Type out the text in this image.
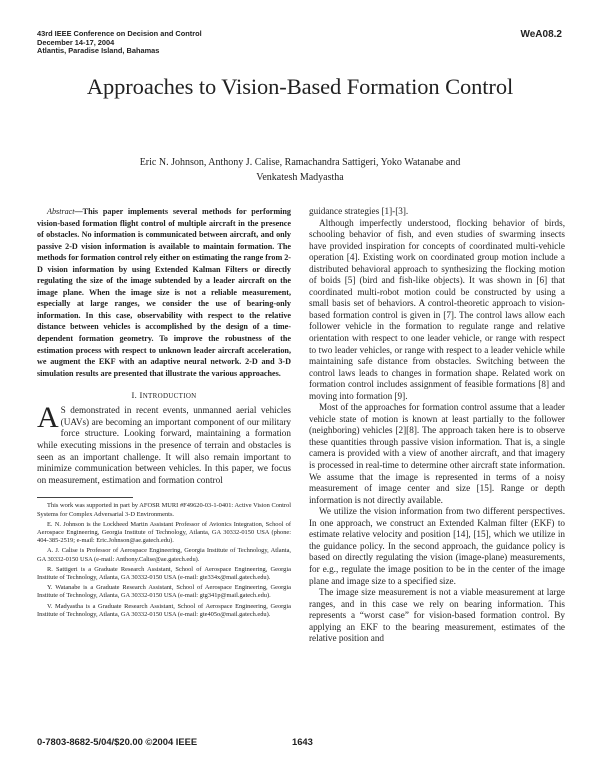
43rd IEEE Conference on Decision and Control
December 14-17, 2004
Atlantis, Paradise Island, Bahamas
WeA08.2
Approaches to Vision-Based Formation Control
Eric N. Johnson, Anthony J. Calise, Ramachandra Sattigeri, Yoko Watanabe and
Venkatesh Madyastha

Abstract—This paper implements several methods for performing vision-based formation flight control of multiple aircraft in the presence of obstacles. No information is communicated between aircraft, and only passive 2-D vision information is available to maintain formation. The methods for formation control rely either on estimating the range from 2-D vision information by using Extended Kalman Filters or directly regulating the size of the image subtended by a leader aircraft on the image plane. When the image size is not a reliable measurement, especially at large ranges, we consider the use of bearing-only information. In this case, observability with respect to the relative distance between vehicles is accomplished by the design of a time-dependent formation geometry. To improve the robustness of the estimation process with respect to unknown leader aircraft acceleration, we augment the EKF with an adaptive neural network. 2-D and 3-D simulation results are presented that illustrate the various approaches.

I. INTRODUCTION

A S demonstrated in recent events, unmanned aerial vehicles (UAVs) are becoming an important component of our military force structure. Looking forward, maintaining a formation while executing missions in the presence of terrain and obstacles is seen as an important challenge. It will also remain important to minimize communication between vehicles. In this paper, we focus on measurement, estimation and formation control

This work was supported in part by AFOSR MURI #F49620-03-1-0401: Active Vision Control Systems for Complex Adversarial 3-D Environments.

E. N. Johnson is the Lockheed Martin Assistant Professor of Avionics Integration, School of Aerospace Engineering, Georgia Institute of Technology, Atlanta, GA 30332-0150 USA (phone: 404-385-2519; e-mail: Eric.Johnson@ae.gatech.edu).

A. J. Calise is Professor of Aerospace Engineering, Georgia Institute of Technology, Atlanta, GA 30332-0150 USA (e-mail: Anthony.Calise@ae.gatech.edu).

R. Sattigeri is a Graduate Research Assistant, School of Aerospace Engineering, Georgia Institute of Technology, Atlanta, GA 30332-0150 USA (e-mail: gte334x@mail.gatech.edu).

Y. Watanabe is a Graduate Research Assistant, School of Aerospace Engineering, Georgia Institute of Technology, Atlanta, GA 30332-0150 USA (e-mail: gtg341p@mail.gatech.edu).

V. Madyastha is a Graduate Research Assistant, School of Aerospace Engineering, Georgia Institute of Technology, Atlanta, GA 30332-0150 USA (e-mail: gte405o@mail.gatech.edu).

guidance strategies [1]-[3].

Although imperfectly understood, flocking behavior of birds, schooling behavior of fish, and even studies of swarming insects have provided inspiration for concepts of coordinated multi-vehicle operation [4]. Existing work on coordinated group motion include a distributed behavioral approach to synthesizing the flocking motion of boids [5] (bird and fish-like objects). It was shown in [6] that coordinated multi-robot motion could be constructed by using a small basis set of behaviors. A control-theoretic approach to vision-based formation control is given in [7]. The control laws allow each follower vehicle in the formation to regulate range and relative orientation with respect to one leader vehicle, or range with respect to two leader vehicles, or range with respect to a leader vehicle while maintaining safe distance from obstacles. Switching between the control laws leads to changes in formation shape. Related work on formation control includes assignment of feasible formations [8] and moving into formation [9].

Most of the approaches for formation control assume that a leader vehicle state of motion is known at least partially to the follower (neighboring) vehicles [2][8]. The approach taken here is to observe these quantities through passive vision information. That is, a single camera is provided with a view of another aircraft, and that imagery is processed in real-time to determine other aircraft state information. We assume that the image is represented in terms of a noisy measurement of image center and size [15]. Range or depth information is not directly available.

We utilize the vision information from two different perspectives. In one approach, we construct an Extended Kalman filter (EKF) to estimate relative velocity and position [14], [15], which we utilize in the guidance policy. In the second approach, the guidance policy is based on directly regulating the vision (image-plane) measurements, for e.g., regulate the image position to be in the center of the image plane and image size to a specified size.

The image size measurement is not a viable measurement at large ranges, and in this case we rely on bearing information. This represents a “worst case” for vision-based formation control. By applying an EKF to the bearing measurement, estimates of the relative position and

0-7803-8682-5/04/$20.00 ©2004 IEEE	1643
